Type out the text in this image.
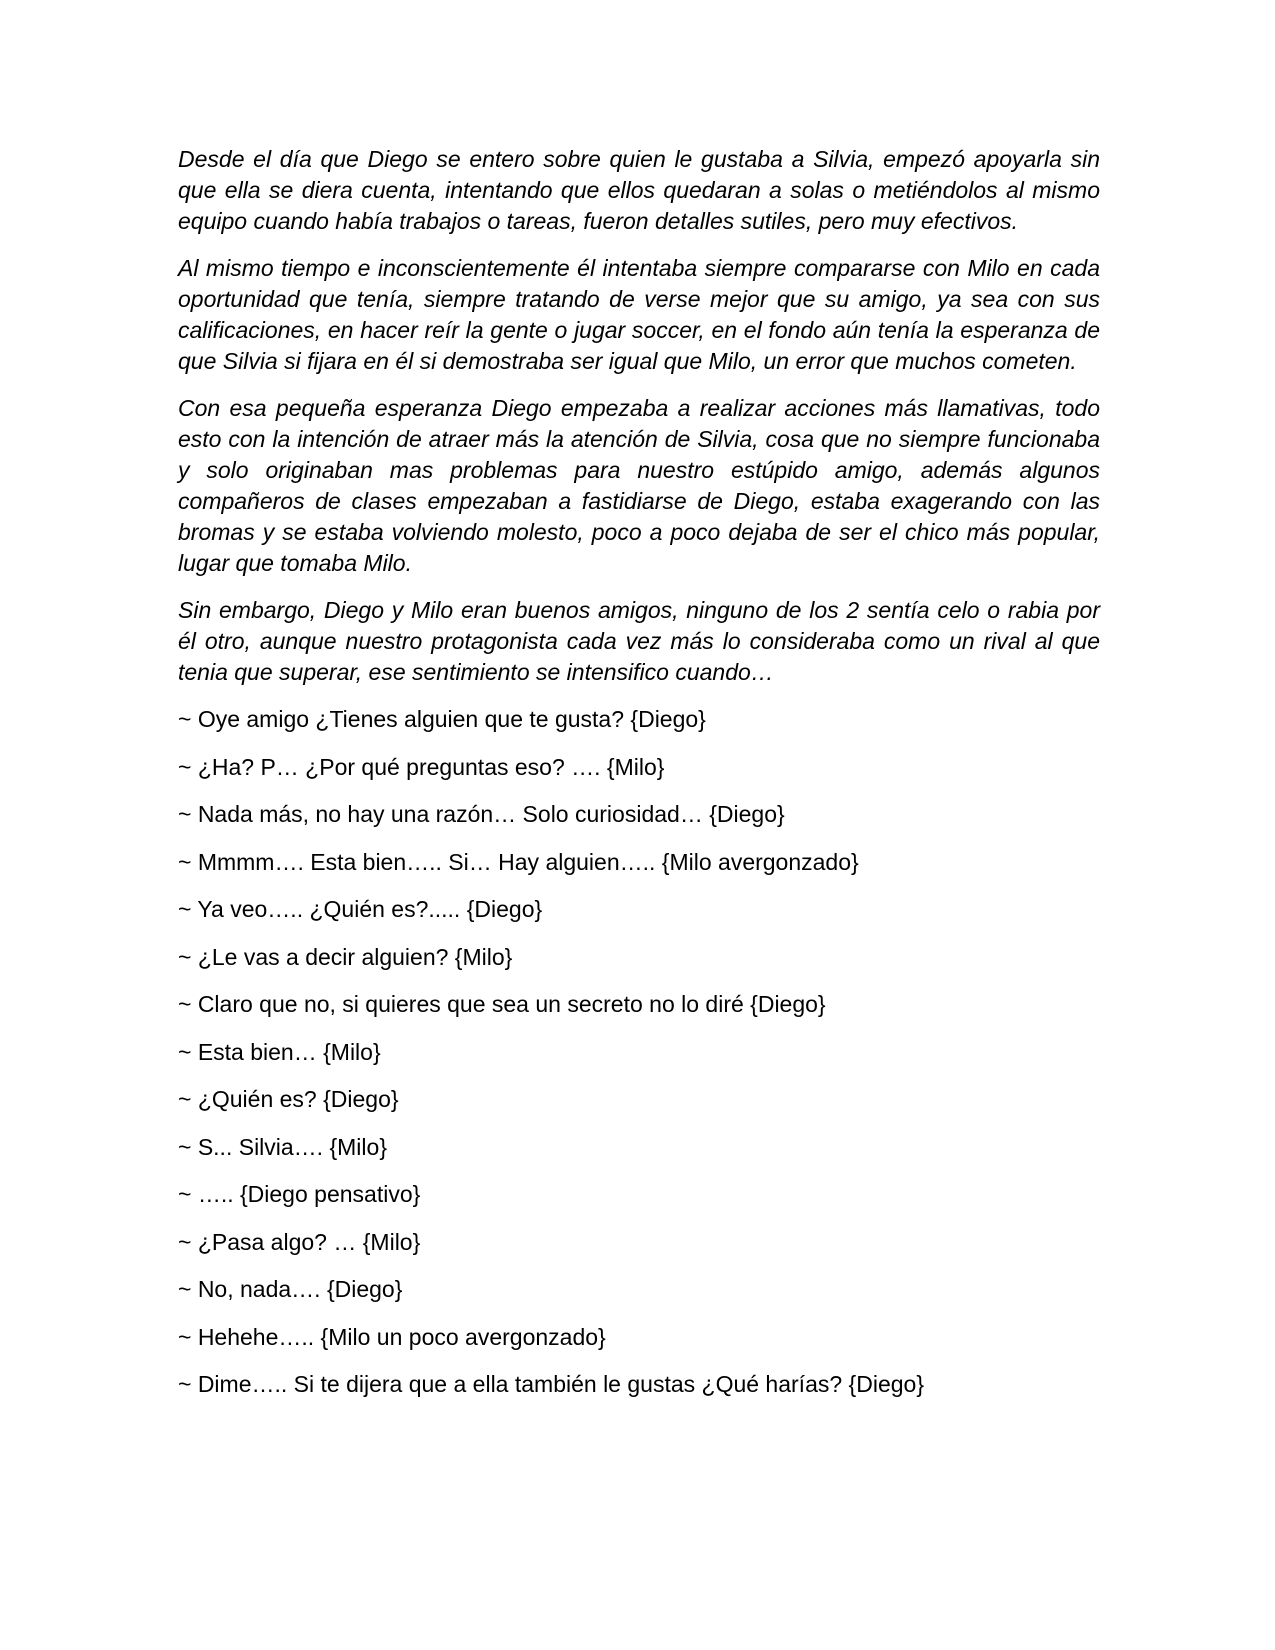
Desde el día que Diego se entero sobre quien le gustaba a Silvia, empezó apoyarla sin que ella se diera cuenta, intentando que ellos quedaran a solas o metiéndolos al mismo equipo cuando había trabajos o tareas, fueron detalles sutiles, pero muy efectivos.

Al mismo tiempo e inconscientemente él intentaba siempre compararse con Milo en cada oportunidad que tenía, siempre tratando de verse mejor que su amigo, ya sea con sus calificaciones, en hacer reír la gente o jugar soccer, en el fondo aún tenía la esperanza de que Silvia si fijara en él si demostraba ser igual que Milo, un error que muchos cometen.

Con esa pequeña esperanza Diego empezaba a realizar acciones más llamativas, todo esto con la intención de atraer más la atención de Silvia, cosa que no siempre funcionaba y solo originaban mas problemas para nuestro estúpido amigo, además algunos compañeros de clases empezaban a fastidiarse de Diego, estaba exagerando con las bromas y se estaba volviendo molesto, poco a poco dejaba de ser el chico más popular, lugar que tomaba Milo.

Sin embargo, Diego y Milo eran buenos amigos, ninguno de los 2 sentía celo o rabia por él otro, aunque nuestro protagonista cada vez más lo consideraba como un rival al que tenia que superar, ese sentimiento se intensifico cuando…

~ Oye amigo ¿Tienes alguien que te gusta? {Diego}

~ ¿Ha? P… ¿Por qué preguntas eso? …. {Milo}

~ Nada más, no hay una razón… Solo curiosidad… {Diego}

~ Mmmm…. Esta bien….. Si… Hay alguien….. {Milo avergonzado}

~ Ya veo….. ¿Quién es?..... {Diego}

~ ¿Le vas a decir alguien? {Milo}

~ Claro que no, si quieres que sea un secreto no lo diré {Diego}

~ Esta bien… {Milo}

~ ¿Quién es? {Diego}

~ S... Silvia…. {Milo}

~ ….. {Diego pensativo}

~ ¿Pasa algo? … {Milo}

~ No, nada…. {Diego}

~ Hehehe….. {Milo un poco avergonzado}

~ Dime….. Si te dijera que a ella también le gustas ¿Qué harías? {Diego}
